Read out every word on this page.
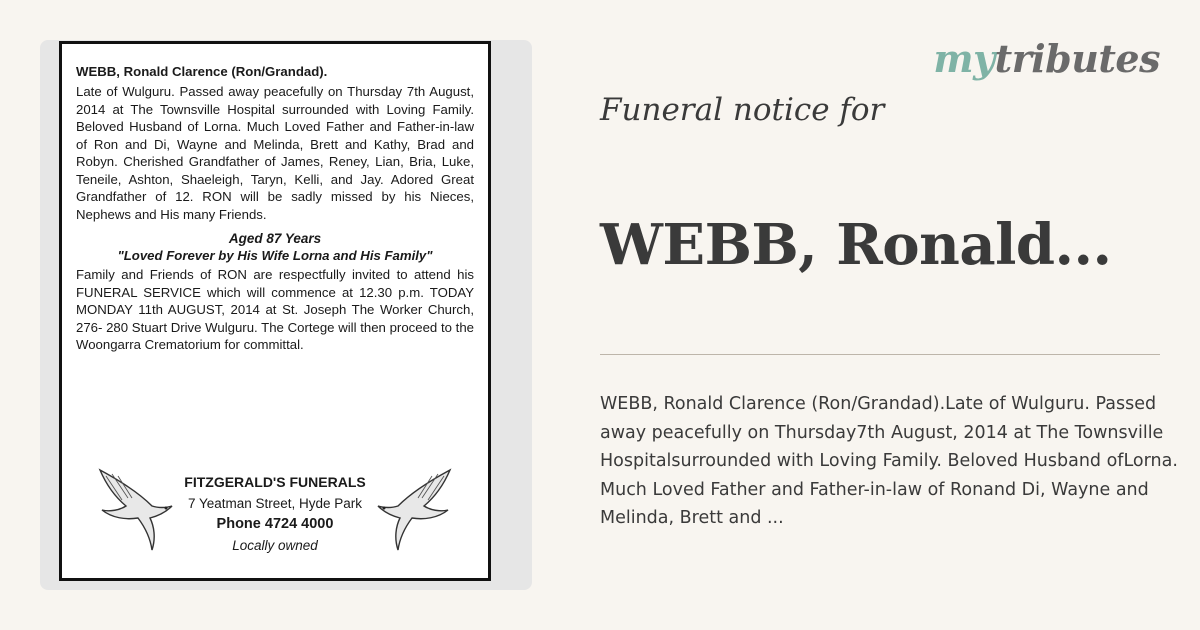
WEBB, Ronald Clarence (Ron/Grandad).

Late of Wulguru. Passed away peacefully on Thursday 7th August, 2014 at The Townsville Hospital surrounded with Loving Family. Beloved Husband of Lorna. Much Loved Father and Father-in-law of Ron and Di, Wayne and Melinda, Brett and Kathy, Brad and Robyn. Cherished Grandfather of James, Reney, Lian, Bria, Luke, Teneile, Ashton, Shaeleigh, Taryn, Kelli, and Jay. Adored Great Grandfather of 12. RON will be sadly missed by his Nieces, Nephews and His many Friends.

Aged 87 Years

"Loved Forever by His Wife Lorna and His Family"

Family and Friends of RON are respectfully invited to attend his FUNERAL SERVICE which will commence at 12.30 p.m. TODAY MONDAY 11th AUGUST, 2014 at St. Joseph The Worker Church, 276- 280 Stuart Drive Wulguru. The Cortege will then proceed to the Woongarra Crematorium for committal.

FITZGERALD'S FUNERALS
7 Yeatman Street, Hyde Park
Phone 4724 4000
Locally owned
mytributes
Funeral notice for
WEBB, Ronald...
WEBB, Ronald Clarence (Ron/Grandad).Late of Wulguru. Passed away peacefully on Thursday7th August, 2014 at The Townsville Hospitalsurrounded with Loving Family. Beloved Husband ofLorna. Much Loved Father and Father-in-law of Ronand Di, Wayne and Melinda, Brett and ...
